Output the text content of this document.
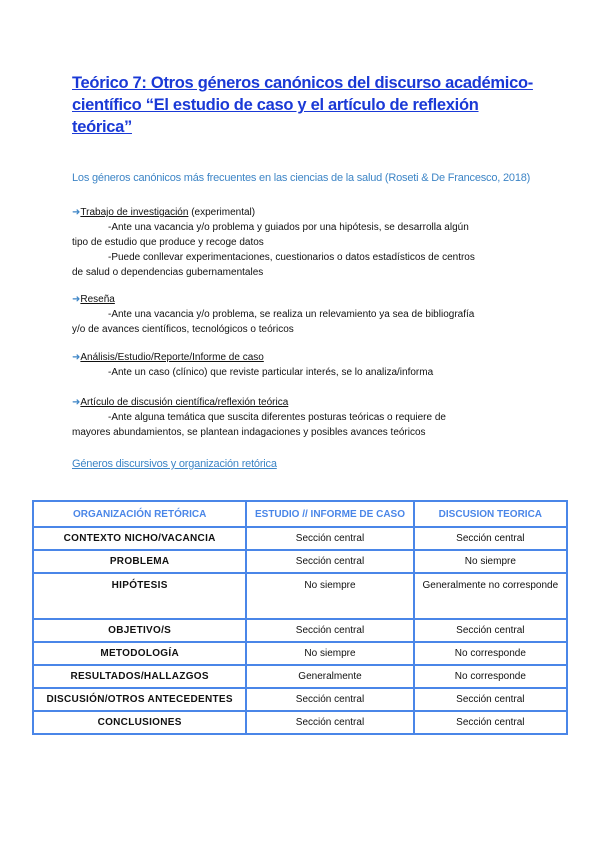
Teórico 7: Otros géneros canónicos del discurso académico-científico “El estudio de caso y el artículo de reflexión teórica”
Los géneros canónicos más frecuentes en las ciencias de la salud (Roseti & De Francesco, 2018)
➜Trabajo de investigación (experimental)
-Ante una vacancia y/o problema y guiados por una hipótesis, se desarrolla algún
tipo de estudio que produce y recoge datos
-Puede conllevar experimentaciones, cuestionarios o datos estadísticos de centros
de salud o dependencias gubernamentales
➜Reseña
-Ante una vacancia y/o problema, se realiza un relevamiento ya sea de bibliografía
y/o de avances científicos, tecnológicos o teóricos
➜Análisis/Estudio/Reporte/Informe de caso
-Ante un caso (clínico) que reviste particular interés, se lo analiza/informa
➜Artículo de discusión científica/reflexión teórica
-Ante alguna temática que suscita diferentes posturas teóricas o requiere de
mayores abundamientos, se plantean indagaciones y posibles avances teóricos
Géneros discursivos y organización retórica
ORGANIZACIÓN RETÓRICA	ESTUDIO // INFORME DE CASO	DISCUSION TEORICA
CONTEXTO NICHO/VACANCIA	Sección central	Sección central
PROBLEMA	Sección central	No siempre
HIPÓTESIS	No siempre	Generalmente no corresponde
OBJETIVO/S	Sección central	Sección central
METODOLOGÍA	No siempre	No corresponde
RESULTADOS/HALLAZGOS	Generalmente	No corresponde
DISCUSIÓN/OTROS ANTECEDENTES	Sección central	Sección central
CONCLUSIONES	Sección central	Sección central
